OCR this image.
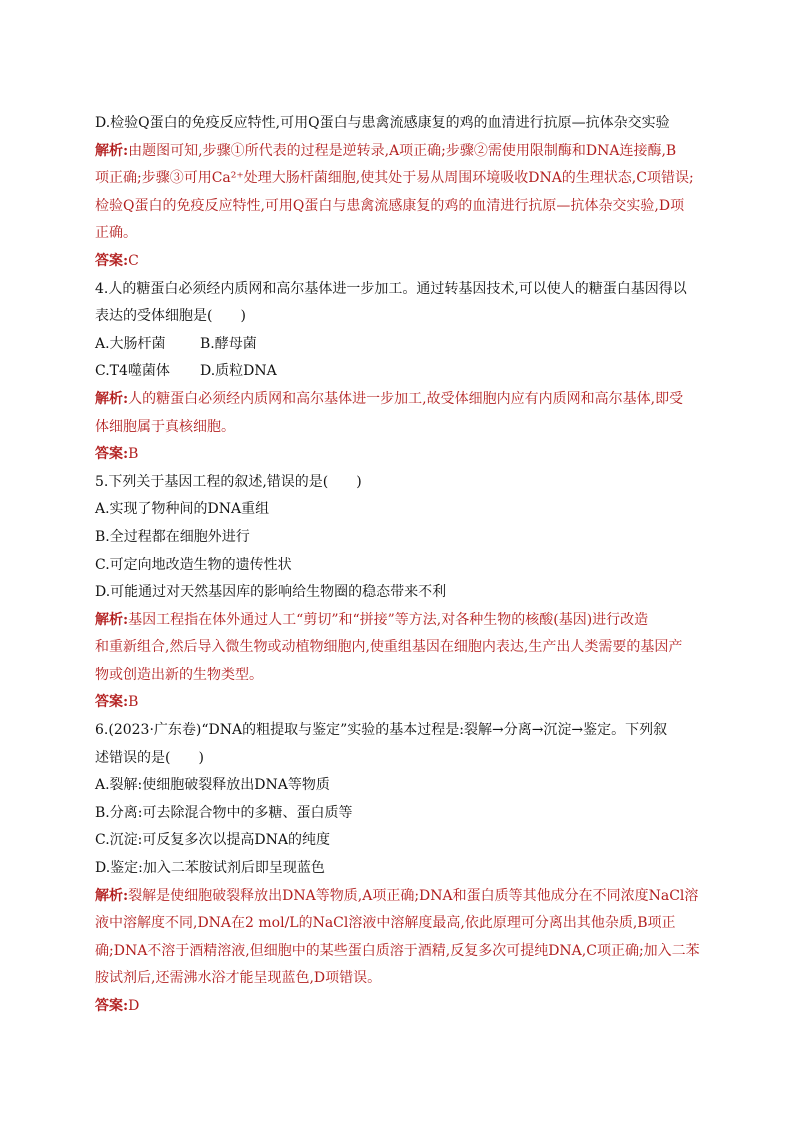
D.检验Q蛋白的免疫反应特性,可用Q蛋白与患禽流感康复的鸡的血清进行抗原—抗体杂交实验
解析:由题图可知,步骤①所代表的过程是逆转录,A项正确;步骤②需使用限制酶和DNA连接酶,B
项正确;步骤③可用Ca²⁺处理大肠杆菌细胞,使其处于易从周围环境吸收DNA的生理状态,C项错误;
检验Q蛋白的免疫反应特性,可用Q蛋白与患禽流感康复的鸡的血清进行抗原—抗体杂交实验,D项
正确。
答案:C
4.人的糖蛋白必须经内质网和高尔基体进一步加工。通过转基因技术,可以使人的糖蛋白基因得以
表达的受体细胞是(　　)
A.大肠杆菌	B.酵母菌
C.T4噬菌体	D.质粒DNA
解析:人的糖蛋白必须经内质网和高尔基体进一步加工,故受体细胞内应有内质网和高尔基体,即受
体细胞属于真核细胞。
答案:B
5.下列关于基因工程的叙述,错误的是(　　)
A.实现了物种间的DNA重组
B.全过程都在细胞外进行
C.可定向地改造生物的遗传性状
D.可能通过对天然基因库的影响给生物圈的稳态带来不利
解析:基因工程指在体外通过人工“剪切”和“拼接”等方法,对各种生物的核酸(基因)进行改造
和重新组合,然后导入微生物或动植物细胞内,使重组基因在细胞内表达,生产出人类需要的基因产
物或创造出新的生物类型。
答案:B
6.(2023·广东卷)“DNA的粗提取与鉴定”实验的基本过程是:裂解→分离→沉淀→鉴定。下列叙
述错误的是(　　)
A.裂解:使细胞破裂释放出DNA等物质
B.分离:可去除混合物中的多糖、蛋白质等
C.沉淀:可反复多次以提高DNA的纯度
D.鉴定:加入二苯胺试剂后即呈现蓝色
解析:裂解是使细胞破裂释放出DNA等物质,A项正确;DNA和蛋白质等其他成分在不同浓度NaCl溶
液中溶解度不同,DNA在2 mol/L的NaCl溶液中溶解度最高,依此原理可分离出其他杂质,B项正
确;DNA不溶于酒精溶液,但细胞中的某些蛋白质溶于酒精,反复多次可提纯DNA,C项正确;加入二苯
胺试剂后,还需沸水浴才能呈现蓝色,D项错误。
答案:D
